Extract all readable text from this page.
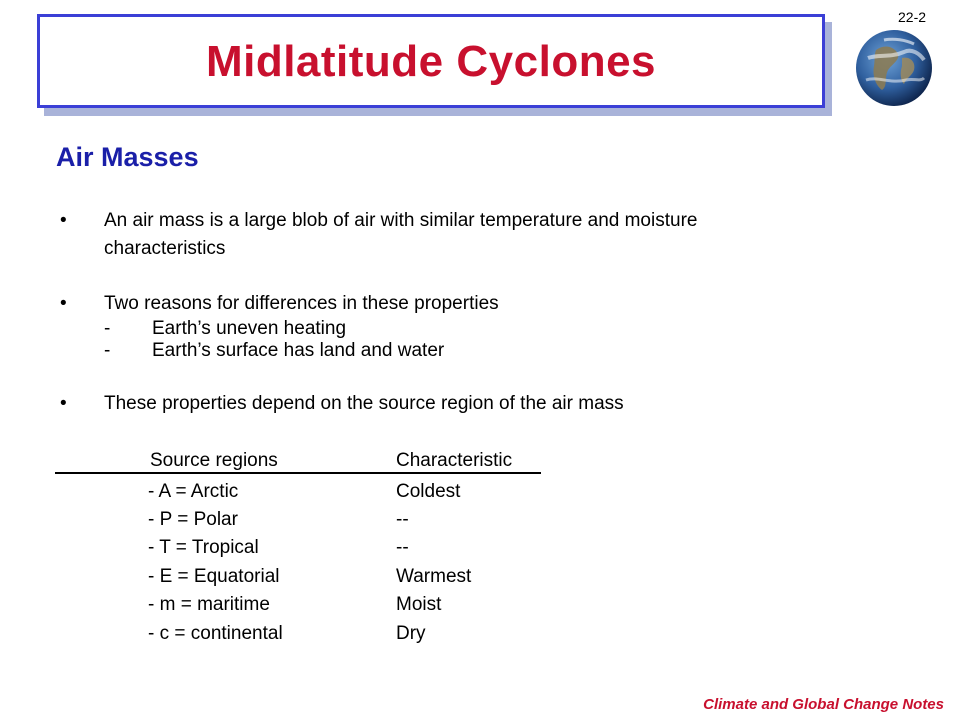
22-2
Midlatitude Cyclones
Air Masses
• An air mass is a large blob of air with similar temperature and moisture
characteristics
• Two reasons for differences in these properties
- Earth’s uneven heating
- Earth’s surface has land and water
• These properties depend on the source region of the air mass
Source regions	Characteristic
- A = Arctic	Coldest
- P = Polar	--
- T = Tropical	--
- E = Equatorial	Warmest
- m = maritime	Moist
- c = continental	Dry
Climate and Global Change Notes
